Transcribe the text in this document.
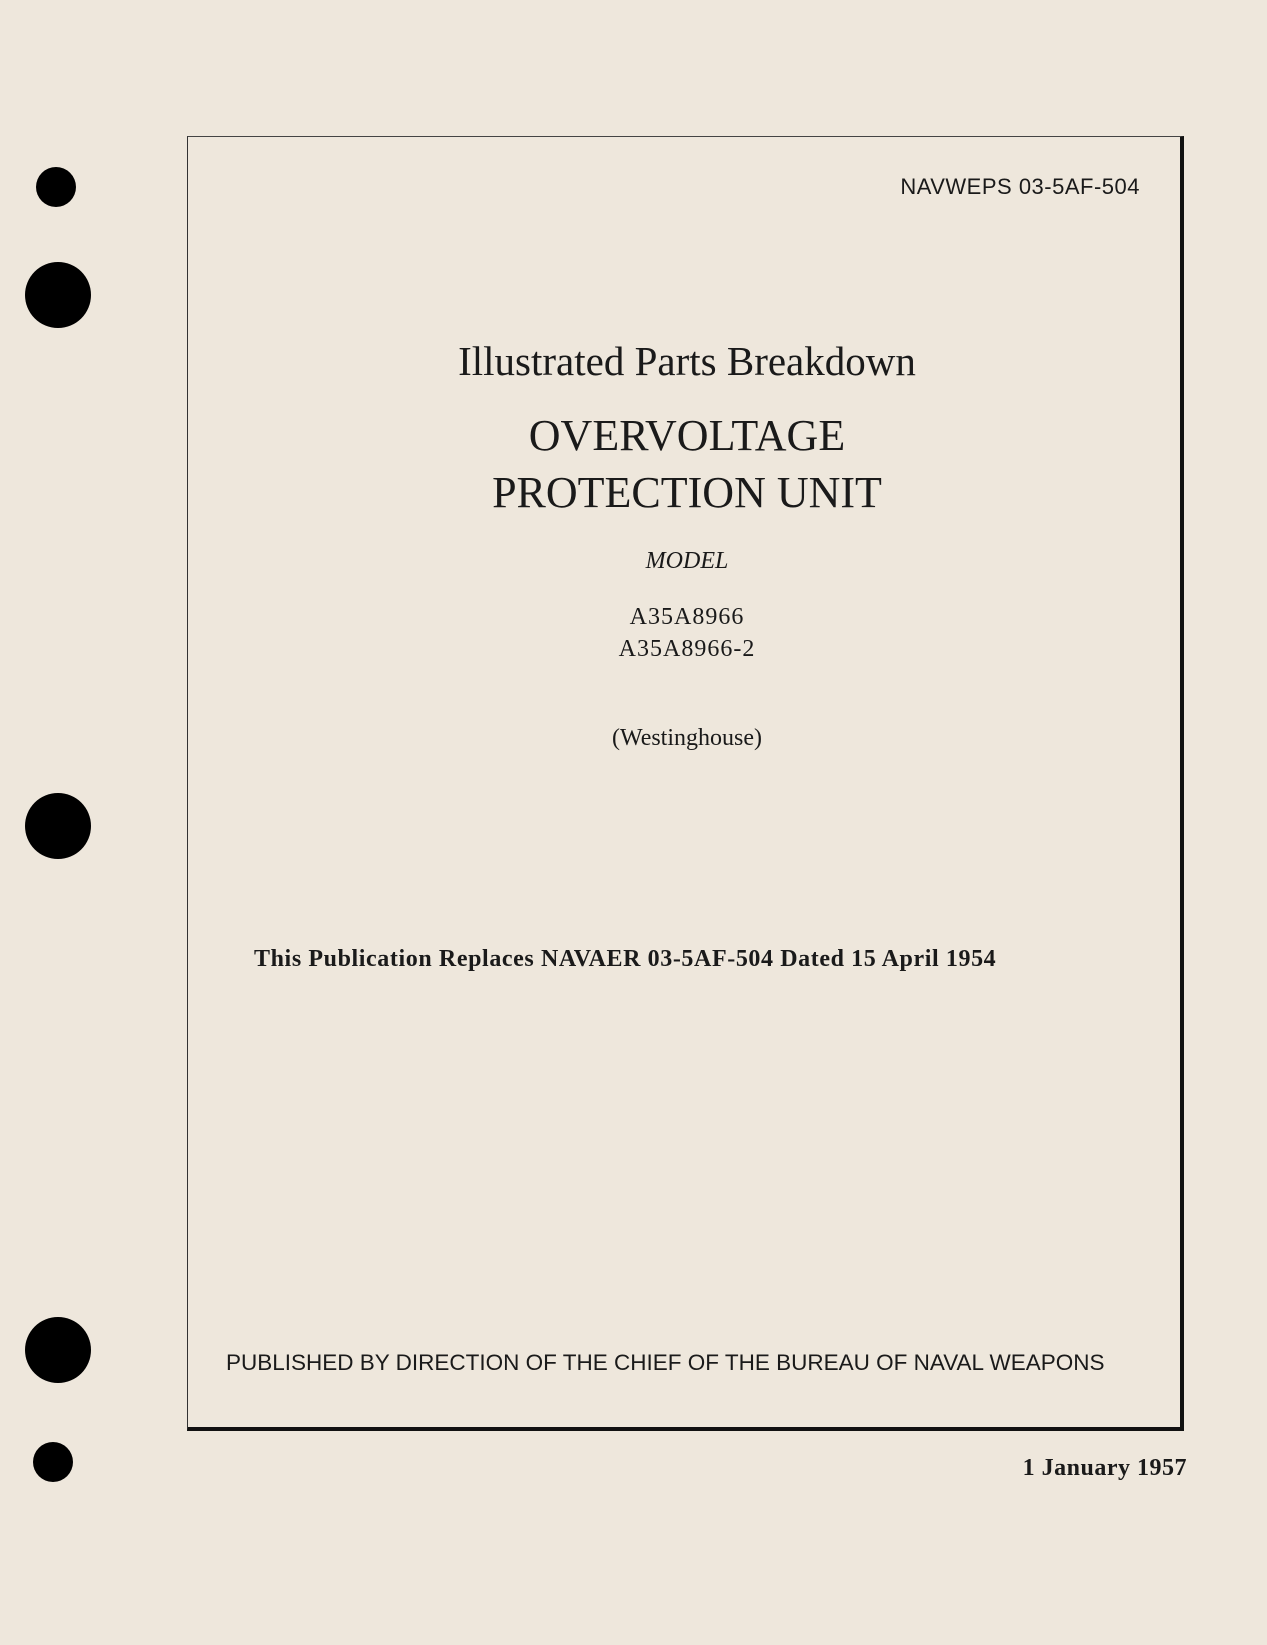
NAVWEPS 03-5AF-504
Illustrated Parts Breakdown
OVERVOLTAGE
PROTECTION UNIT
MODEL
A35A8966
A35A8966-2
(Westinghouse)
This Publication Replaces NAVAER 03-5AF-504 Dated 15 April 1954
PUBLISHED BY DIRECTION OF THE CHIEF OF THE BUREAU OF NAVAL WEAPONS
1 January 1957
